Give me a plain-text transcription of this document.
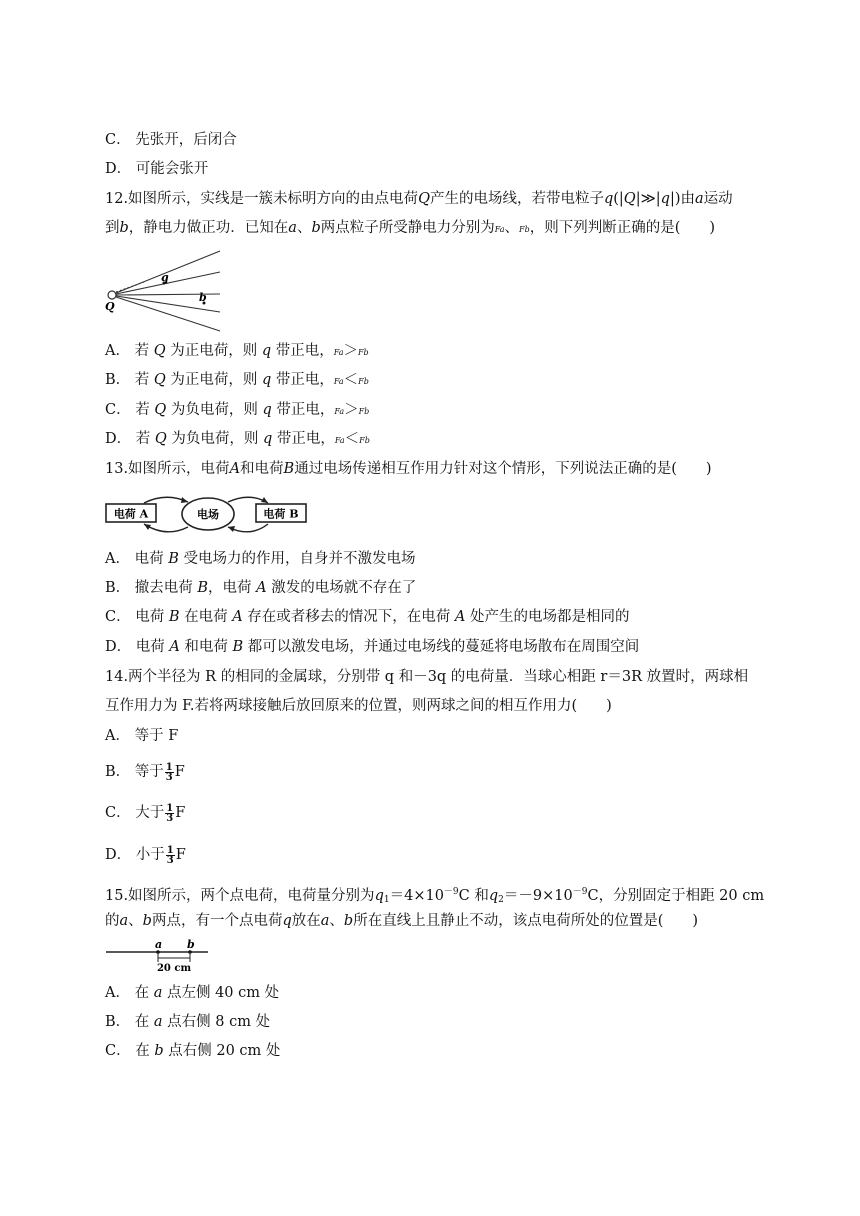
C． 先张开，后闭合
D． 可能会张开
12.如图所示，实线是一簇未标明方向的由点电荷Q产生的电场线，若带电粒子q(|Q|≫|q|)由a运动
到b，静电力做正功．已知在a、b两点粒子所受静电力分别为Fa、Fb，则下列判断正确的是(　　)
q
b
Q
A． 若 Q 为正电荷，则 q 带正电，Fa＞Fb
B． 若 Q 为正电荷，则 q 带正电，Fa＜Fb
C． 若 Q 为负电荷，则 q 带正电，Fa＞Fb
D． 若 Q 为负电荷，则 q 带正电，Fa＜Fb
13.如图所示，电荷A和电荷B通过电场传递相互作用力针对这个情形，下列说法正确的是(　　)
电荷 A	电场	电荷 B
A． 电荷 B 受电场力的作用，自身并不激发电场
B． 撤去电荷 B，电荷 A 激发的电场就不存在了
C． 电荷 B 在电荷 A 存在或者移去的情况下，在电荷 A 处产生的电场都是相同的
D． 电荷 A 和电荷 B 都可以激发电场，并通过电场线的蔓延将电场散布在周围空间
14.两个半径为 R 的相同的金属球，分别带 q 和－3q 的电荷量．当球心相距 r＝3R 放置时，两球相
互作用力为 F.若将两球接触后放回原来的位置，则两球之间的相互作用力(　　)
A． 等于 F
B． 等于 $\frac{1}{3}$ F
C． 大于 $\frac{1}{3}$ F
D． 小于 $\frac{1}{3}$ F
15.如图所示，两个点电荷，电荷量分别为$q1=4\times 10^{-9}C$ 和$q2=-9\times 10^{-9}C$，分别固定于相距 20 cm
的a、b两点，有一个点电荷q放在a、b所在直线上且静止不动，该点电荷所处的位置是(　　)
a b
20 cm
A． 在 a 点左侧 40 cm 处
B． 在 a 点右侧 8 cm 处
C． 在 b 点右侧 20 cm 处
